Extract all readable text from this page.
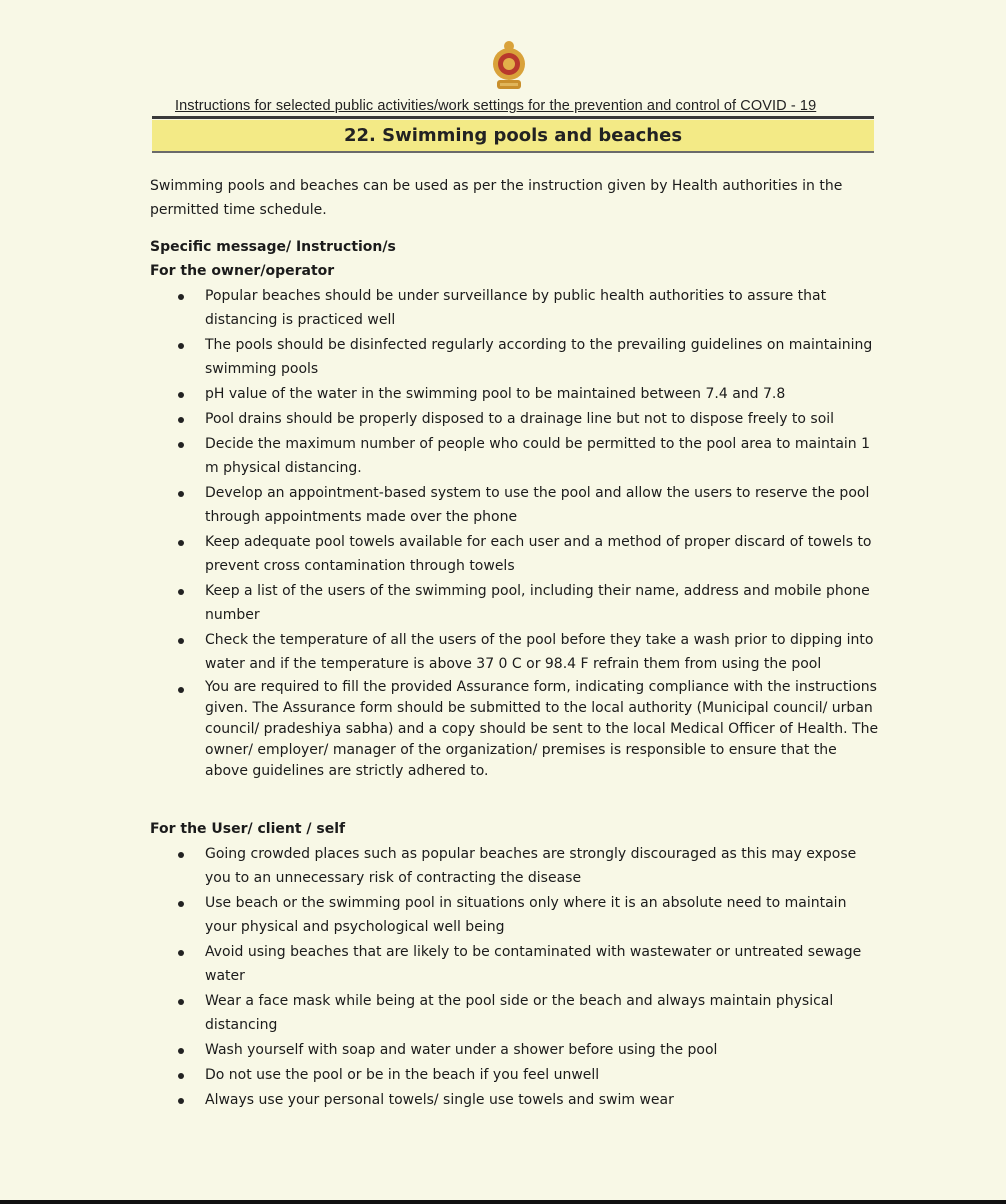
Instructions for selected public activities/work settings for the prevention and control of COVID - 19
22. Swimming pools and beaches
Swimming pools and beaches can be used as per the instruction given by Health authorities in the permitted time schedule.
Specific message/ Instruction/s
For the owner/operator
Popular beaches should be under surveillance by public health authorities to assure that distancing is practiced well
The pools should be disinfected regularly according to the prevailing guidelines on maintaining swimming pools
pH value of the water in the swimming pool to be maintained between 7.4 and 7.8
Pool drains should be properly disposed to a drainage line but not to dispose freely to soil
Decide the maximum number of people who could be permitted to the pool area to maintain 1 m physical distancing.
Develop an appointment-based system to use the pool and allow the users to reserve the pool through appointments made over the phone
Keep adequate pool towels available for each user and a method of proper discard of towels to prevent cross contamination through towels
Keep a list of the users of the swimming pool, including their name, address and mobile phone number
Check the temperature of all the users of the pool before they take a wash prior to dipping into water and if the temperature is above 37 0 C or 98.4 F refrain them from using the pool
You are required to fill the provided Assurance form, indicating compliance with the instructions given. The Assurance form should be submitted to the local authority (Municipal council/ urban council/ pradeshiya sabha) and a copy should be sent to the local Medical Officer of Health. The owner/ employer/ manager of the organization/ premises is responsible to ensure that the above guidelines are strictly adhered to.
For the User/ client / self
Going crowded places such as popular beaches are strongly discouraged as this may expose you to an unnecessary risk of contracting the disease
Use beach or the swimming pool in situations only where it is an absolute need to maintain your physical and psychological well being
Avoid using beaches that are likely to be contaminated with wastewater or untreated sewage water
Wear a face mask while being at the pool side or the beach and always maintain physical distancing
Wash yourself with soap and water under a shower before using the pool
Do not use the pool or be in the beach if you feel unwell
Always use your personal towels/ single use towels and swim wear
